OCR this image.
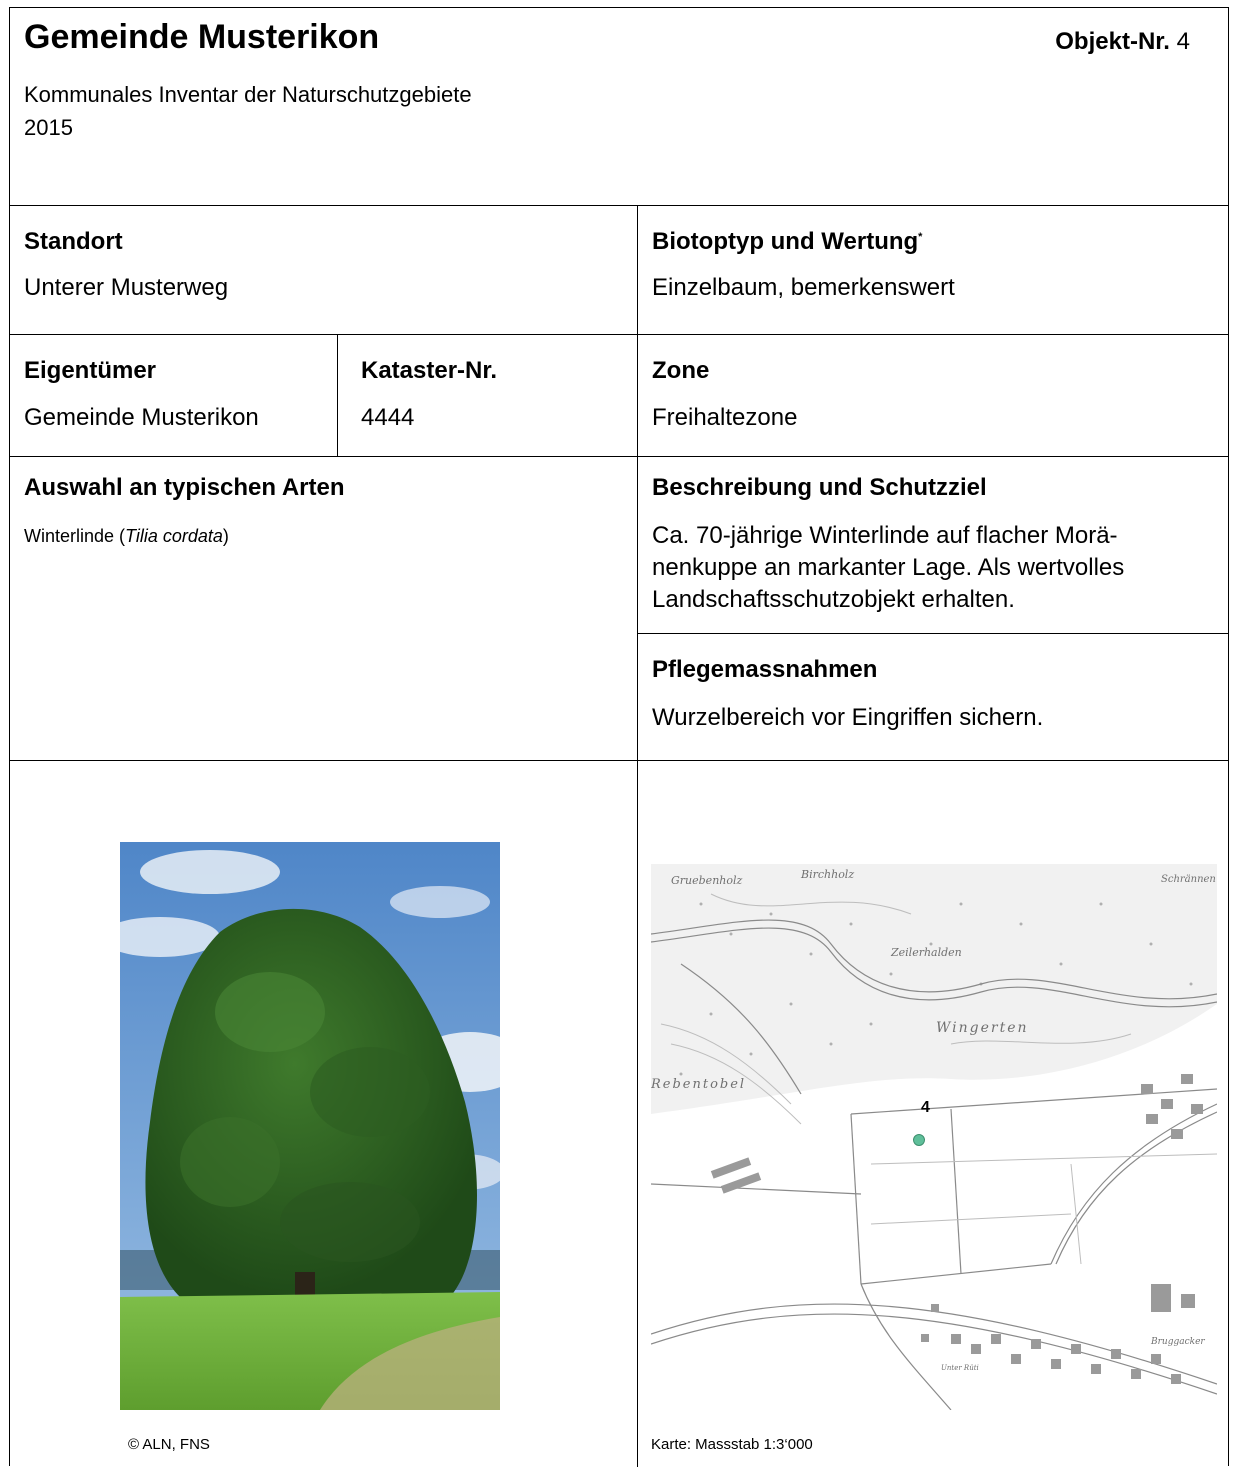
Gemeinde Musterikon	Objekt-Nr. 4
Kommunales Inventar der Naturschutzgebiete
2015
Standort
Unterer Musterweg
Biotoptyp und Wertung*
Einzelbaum, bemerkenswert
Eigentümer
Gemeinde Musterikon
Kataster-Nr.
4444
Zone
Freihaltezone
Auswahl an typischen Arten
Winterlinde (Tilia cordata)
Beschreibung und Schutzziel
Ca. 70-jährige Winterlinde auf flacher Morä-
nenkuppe an markanter Lage. Als wertvolles
Landschaftsschutzobjekt erhalten.
Pflegemassnahmen
Wurzelbereich vor Eingriffen sichern.
© ALN, FNS
Gruebenholz	Birchholz
Zeilerhalden
Wingerten
Schrännen
Rebentobel
Bruggacker
Unter Rüti
4
Karte: Massstab 1:3‘000
